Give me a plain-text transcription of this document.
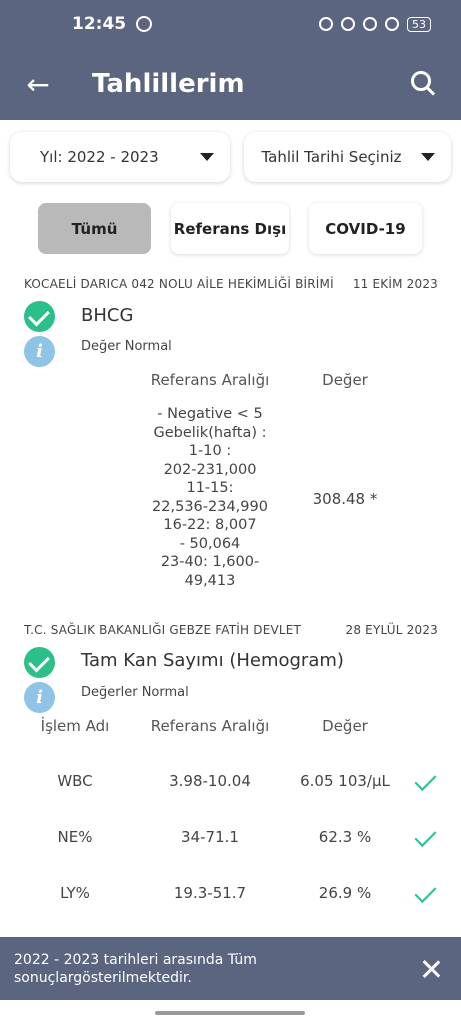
12:45	53
← Tahlillerim
Yıl: 2022 - 2023	Tahlil Tarihi Seçiniz
Tümü	Referans Dışı	COVID-19
KOCAELİ DARICA 042 NOLU AİLE HEKİMLİĞİ BİRİMİ 11 EKİM 2023
BHCG
i	Değer Normal
Referans Aralığı	Değer
- Negative < 5
Gebelik(hafta) :
1-10 :
202-231,000
11-15:
22,536-234,990
16-22: 8,007
- 50,064
23-40: 1,600-
49,413
308.48 *
T.C. SAĞLIK BAKANLIĞI GEBZE FATİH DEVLET	28 EYLÜL 2023
Tam Kan Sayımı (Hemogram)
i	Değerler Normal
İşlem Adı	Referans Aralığı	Değer
WBC	3.98-10.04	6.05 103/µL
NE%	34-71.1	62.3 %
LY%	19.3-51.7	26.9 %
2022 - 2023 tarihleri arasında Tüm sonuçlargösterilmektedir.
